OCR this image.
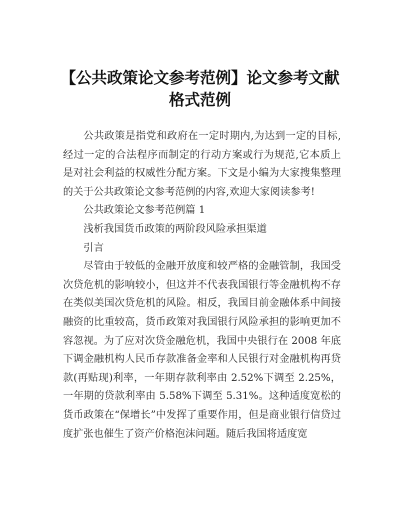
【公共政策论文参考范例】论文参考文献格式范例

公共政策是指党和政府在一定时期内,为达到一定的目标,经过一定的合法程序而制定的行动方案或行为规范,它本质上是对社会利益的权威性分配方案。下文是小编为大家搜集整理的关于公共政策论文参考范例的内容,欢迎大家阅读参考!

公共政策论文参考范例篇 1

浅析我国货币政策的两阶段风险承担渠道

引言

尽管由于较低的金融开放度和较严格的金融管制，我国受次贷危机的影响较小，但这并不代表我国银行等金融机构不存在类似美国次贷危机的风险。相反，我国目前金融体系中间接融资的比重较高，货币政策对我国银行风险承担的影响更加不容忽视。为了应对次贷金融危机，我国中央银行在 2008 年底下调金融机构人民币存款准备金率和人民银行对金融机构再贷款(再贴现)利率，一年期存款利率由 2.52%下调至 2.25%，一年期的贷款利率由 5.58%下调至 5.31%。这种适度宽松的货币政策在“保增长”中发挥了重要作用，但是商业银行信贷过度扩张也催生了资产价格泡沫问题。随后我国将适度宽
